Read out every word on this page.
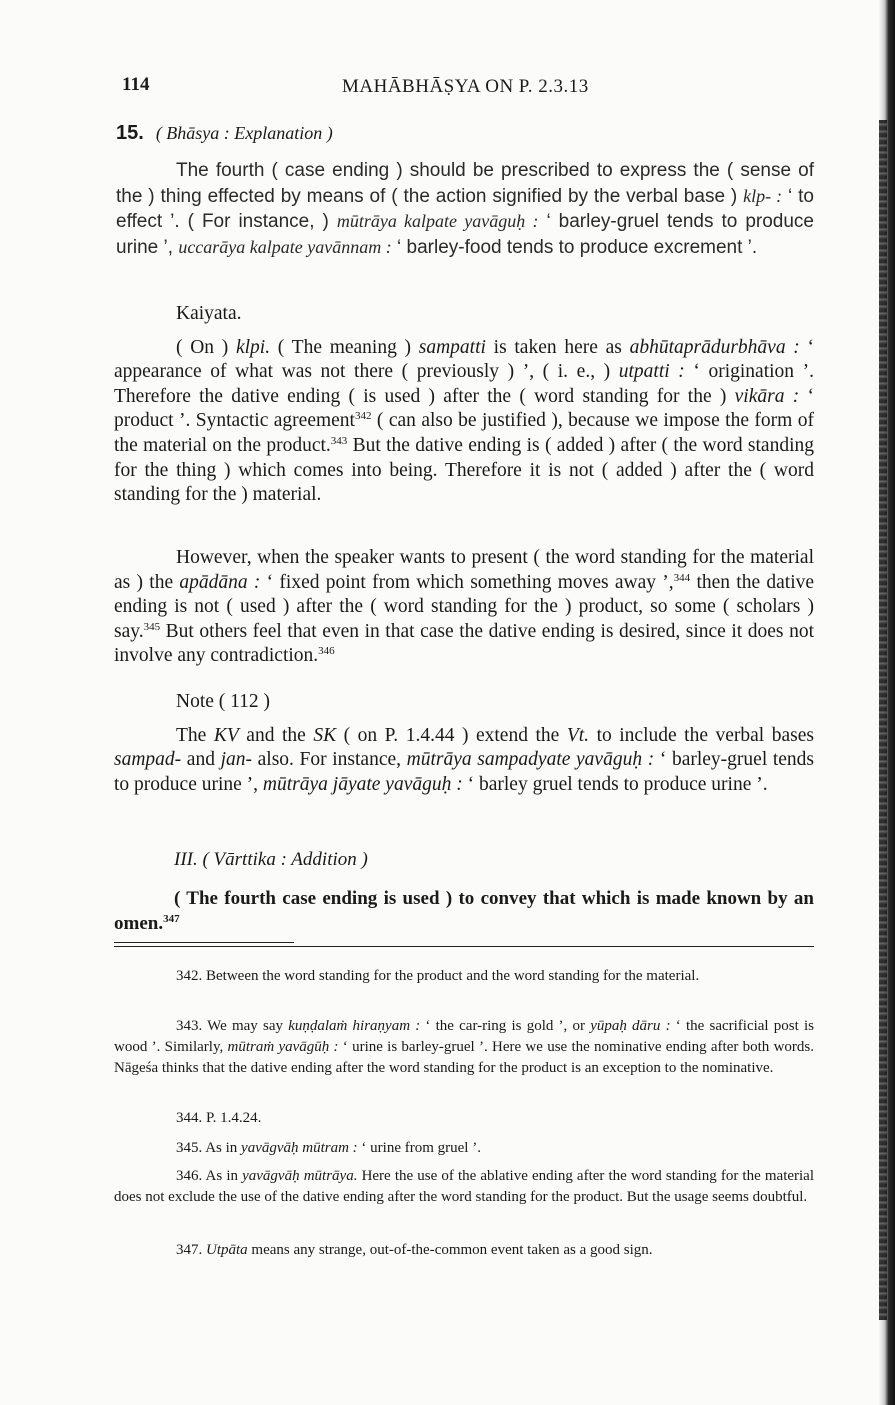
114	MAHĀBHĀṢYA ON P. 2.3.13
15. ( Bhāsya : Explanation )

The fourth ( case ending ) should be prescribed to express the ( sense of the ) thing effected by means of ( the action signified by the verbal base ) klp- : ‘ to effect ’. ( For instance, ) mūtrāya kalpate yavāguḥ : ‘ barley-gruel tends to produce urine ’, uccarāya kalpate yavānnam : ‘ barley-food tends to produce excrement ’.

Kaiyata.

( On ) klpi. ( The meaning ) sampatti is taken here as abhūtaprādurbhāva : ‘ appearance of what was not there ( previously ) ’, ( i. e., ) utpatti : ‘ origination ’. Therefore the dative ending ( is used ) after the ( word standing for the ) vikāra : ‘ product ’. Syntactic agreement$^{342}$ ( can also be justified ), because we impose the form of the material on the product.$^{343}$ But the dative ending is ( added ) after ( the word standing for the thing ) which comes into being. Therefore it is not ( added ) after the ( word standing for the ) material.

However, when the speaker wants to present ( the word standing for the material as ) the apādāna : ‘ fixed point from which something moves away ’,$^{344}$ then the dative ending is not ( used ) after the ( word standing for the ) product, so some ( scholars ) say.$^{345}$ But others feel that even in that case the dative ending is desired, since it does not involve any contradiction.$^{346}$

Note ( 112 )

The KV and the SK ( on P. 1.4.44 ) extend the Vt. to include the verbal bases sampad- and jan- also. For instance, mūtrāya sampadyate yavāguḥ : ‘ barley-gruel tends to produce urine ’, mūtrāya jāyate yavāguḥ : ‘ barley gruel tends to produce urine ’.

III. ( Vārttika : Addition )

( The fourth case ending is used ) to convey that which is made known by an omen.$^{347}$

342. Between the word standing for the product and the word standing for the material.

343. We may say kuṇḍalaṁ hiraṇyam : ‘ the car-ring is gold ’, or yūpaḥ dāru : ‘ the sacrificial post is wood ’. Similarly, mūtraṁ yavāgūḥ : ‘ urine is barley-gruel ’. Here we use the nominative ending after both words. Nāgeśa thinks that the dative ending after the word standing for the product is an exception to the nominative.

344. P. 1.4.24.

345. As in yavāgvāḥ mūtram : ‘ urine from gruel ’.

346. As in yavāgvāḥ mūtrāya. Here the use of the ablative ending after the word standing for the material does not exclude the use of the dative ending after the word standing for the product. But the usage seems doubtful.

347. Utpāta means any strange, out-of-the-common event taken as a good sign.
